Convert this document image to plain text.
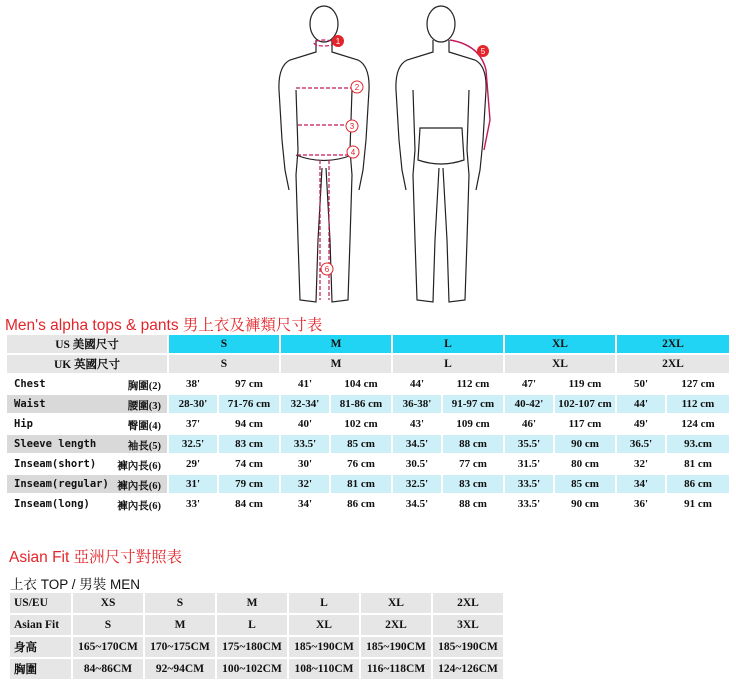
1
2
3
4
5
6
Men's alpha tops & pants 男上衣及褲類尺寸表
US 美國尺寸	S		M		L		XL		2XL	
UK 英國尺寸	S		M		L		XL		2XL	

Chest 胸圍(2)	38'	97 cm	41'	104 cm	44'	112 cm	47'	119 cm	50'	127 cm

Waist 腰圍(3)	28-30'	71-76 cm	32-34'	81-86 cm	36-38'	91-97 cm	40-42'	102-107 cm	44'	112 cm

Hip 臀圍(4)	37'	94 cm	40'	102 cm	43'	109 cm	46'	117 cm	49'	124 cm

Sleeve length 袖長(5)	32.5'	83 cm	33.5'	85 cm	34.5'	88 cm	35.5'	90 cm	36.5'	93.cm

Inseam(short) 褲內長(6)	29'	74 cm	30'	76 cm	30.5'	77 cm	31.5'	80 cm	32'	81 cm

Inseam(regular) 褲內長(6)	31'	79 cm	32'	81 cm	32.5'	83 cm	33.5'	85 cm	34'	86 cm

Inseam(long) 褲內長(6)	33'	84 cm	34'	86 cm	34.5'	88 cm	33.5'	90 cm	36'	91 cm
Asian Fit 亞洲尺寸對照表
上衣 TOP / 男裝 MEN
US/EU	XS	S	M	L	XL	2XL
Asian Fit	S	M	L	XL	2XL	3XL
身高	165~170CM	170~175CM	175~180CM	185~190CM	185~190CM	185~190CM
胸圍	84~86CM	92~94CM	100~102CM	108~110CM	116~118CM	124~126CM
